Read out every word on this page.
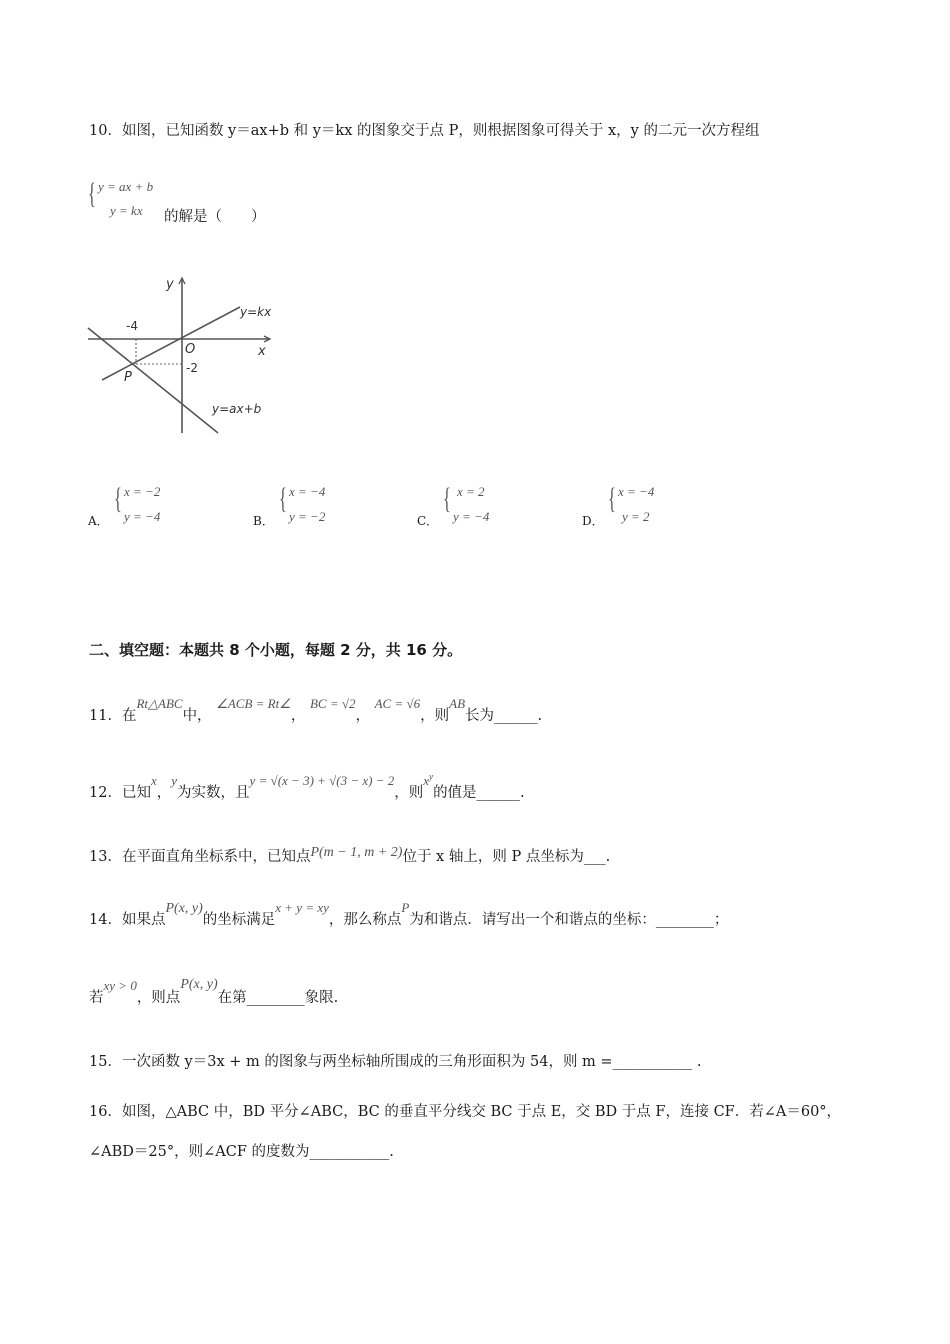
10．如图，已知函数 y＝ax+b 和 y＝kx 的图象交于点 P，则根据图象可得关于 x，y 的二元一次方程组
{ y = ax + b
y = kx 的解是（　　）
y
x
O
-4
-2
P
y=kx
y=ax+b
A．
{ x = −2
y = −4	B．
{ x = −4
y = −2	C．
{ x = 2
y = −4	D．
{ x = −4
y = 2
二、填空题：本题共 8 个小题，每题 2 分，共 16 分。
11．在Rt△ABC中， ∠ACB = Rt∠， BC = √2， AC = √6，则AB长为______.
12．已知x，y为实数，且y = √(x − 3) + √(3 − x) − 2，则$x^y$的值是______.
13．在平面直角坐标系中，已知点P(m − 1, m + 2)位于 x 轴上，则 P 点坐标为___.
14．如果点P(x, y)的坐标满足x + y = xy，那么称点P为和谐点．请写出一个和谐点的坐标：________；
若xy > 0，则点P(x, y)在第________象限.
15．一次函数 y＝3x + m 的图象与两坐标轴所围成的三角形面积为 54，则 m =___________ .
16．如图，△ABC 中，BD 平分∠ABC，BC 的垂直平分线交 BC 于点 E，交 BD 于点 F，连接 CF．若∠A＝60°，
∠ABD＝25°，则∠ACF 的度数为___________.
